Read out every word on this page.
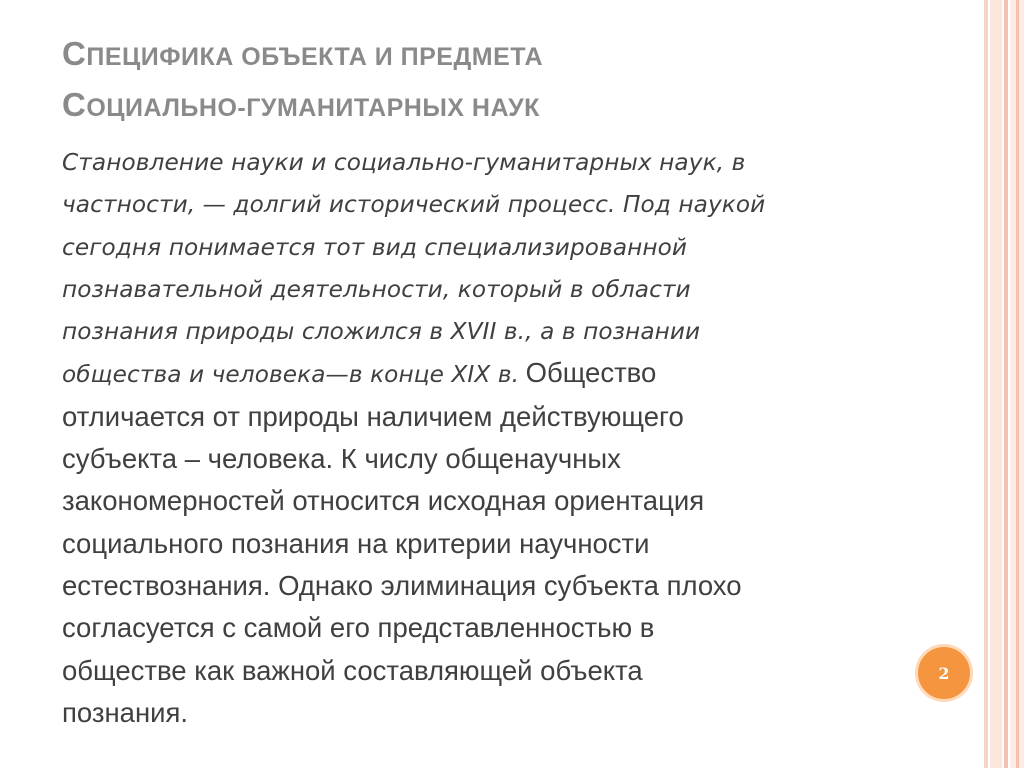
СПЕЦИФИКА ОБЪЕКТА И ПРЕДМЕТА
СОЦИАЛЬНО-ГУМАНИТАРНЫХ НАУК

Становление науки и социально-гуманитарных наук, в
частности, — долгий исторический процесс. Под наукой
сегодня понимается тот вид специализированной
познавательной деятельности, который в области
познания природы сложился в XVII в., а в познании
общества и человека—в конце XIX в. Общество
отличается от природы наличием действующего
субъекта – человека. К числу общенаучных
закономерностей относится исходная ориентация
социального познания на критерии научности
естествознания. Однако элиминация субъекта плохо
согласуется с самой его представленностью в
обществе как важной составляющей объекта
познания.

2
